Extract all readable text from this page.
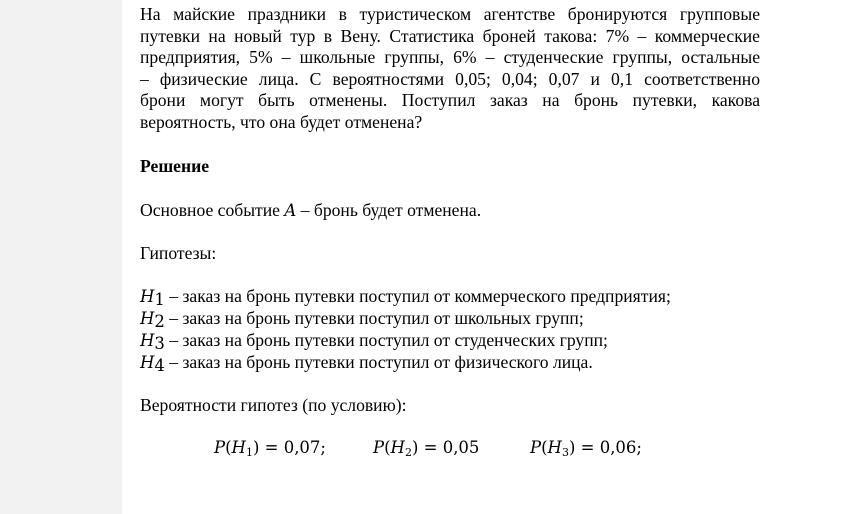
На майские праздники в туристическом агентстве бронируются групповые
путевки на новый тур в Вену. Статистика броней такова: 7% – коммерческие
предприятия, 5% – школьные группы, 6% – студенческие группы, остальные
– физические лица. С вероятностями 0,05; 0,04; 0,07 и 0,1 соответственно
брони могут быть отменены. Поступил заказ на бронь путевки, какова
вероятность, что она будет отменена?
Решение
Основное событие A – бронь будет отменена.
Гипотезы:
$H_1$ – заказ на бронь путевки поступил от коммерческого предприятия;
$H_2$ – заказ на бронь путевки поступил от школьных групп;
$H_3$ – заказ на бронь путевки поступил от студенческих групп;
$H_4$ – заказ на бронь путевки поступил от физического лица.
Вероятности гипотез (по условию):
$P(H_1) = 0,07$;	$P(H_2) = 0,05$	$P(H_3) = 0,06$;
